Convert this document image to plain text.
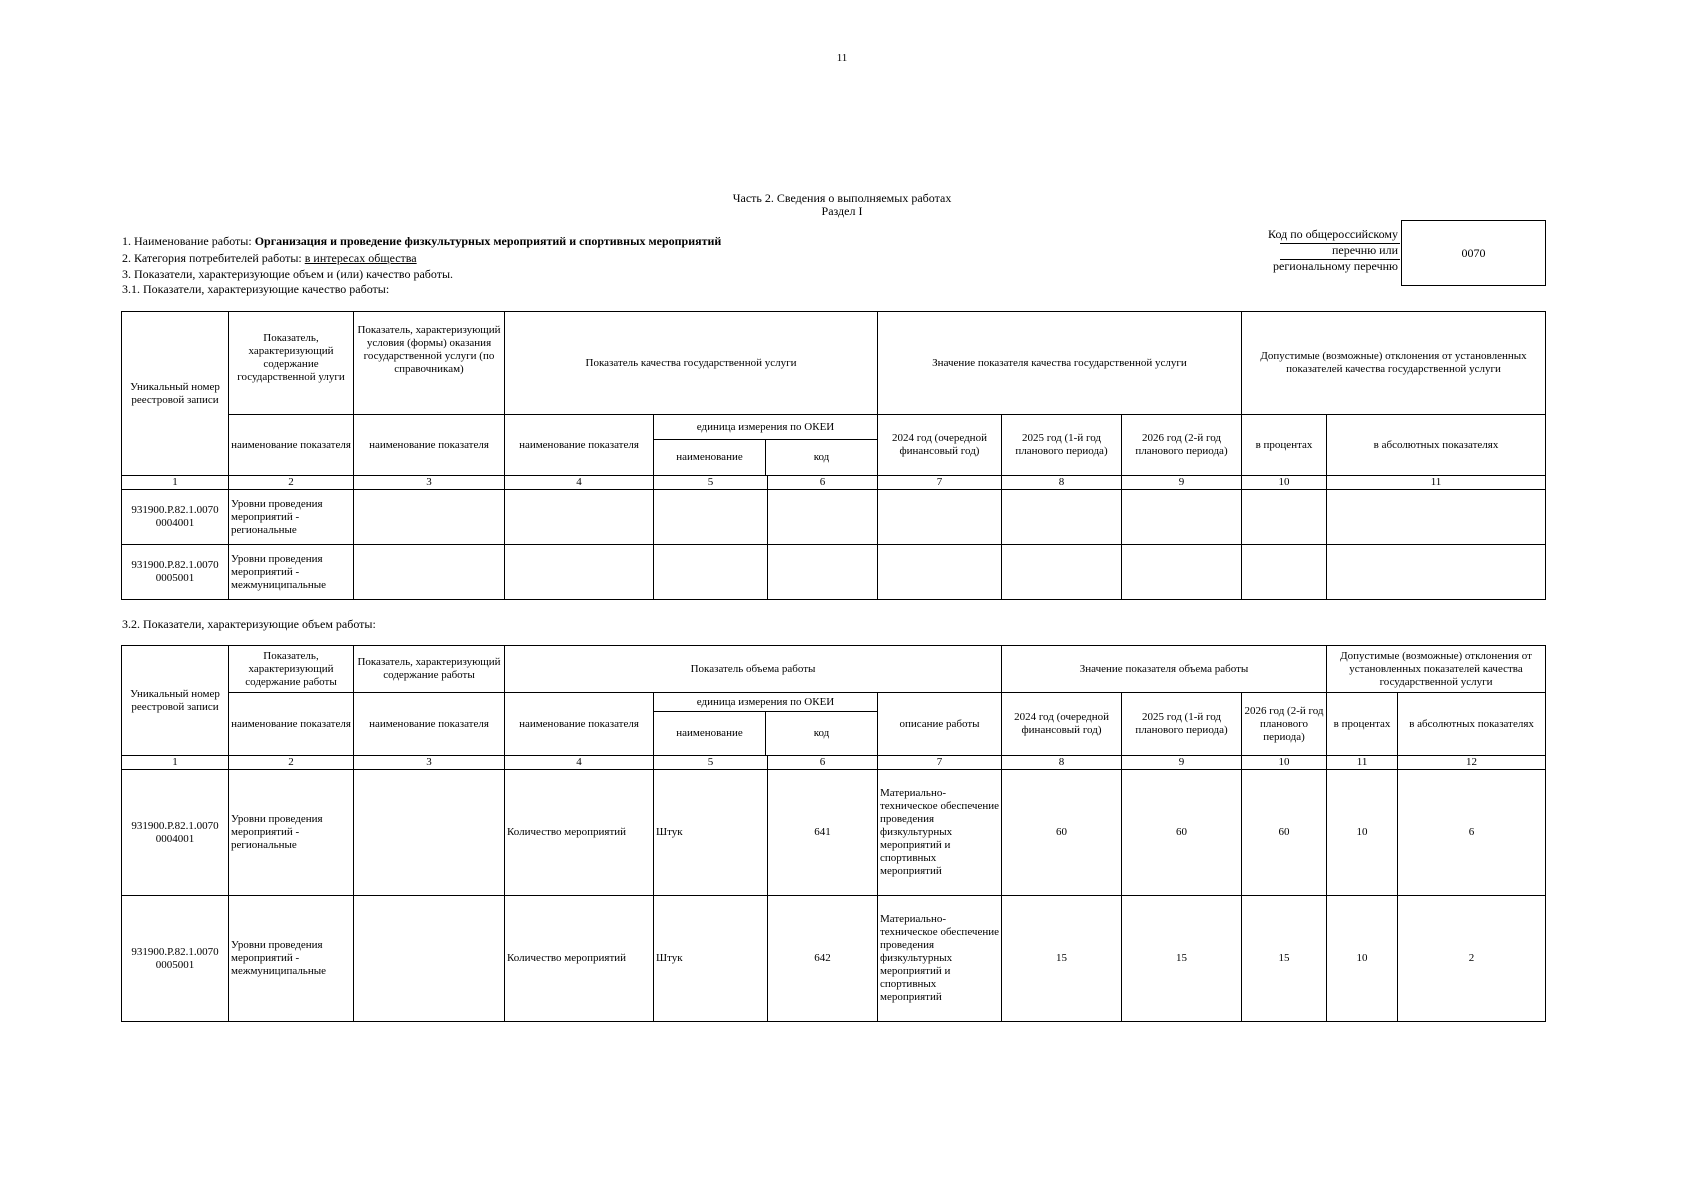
11
Часть 2. Сведения о выполняемых работах
Раздел I
1. Наименование работы: Организация и проведение физкультурных мероприятий и спортивных мероприятий
2. Категория потребителей работы: в интересах общества
3. Показатели, характеризующие объем и (или) качество работы.
3.1. Показатели, характеризующие качество работы:
Код по общероссийскому
перечню или
региональному перечню
0070
Уникальный номер реестровой записи	Показатель, характеризующий содержание государственной улуги	Показатель, характеризующий условия (формы) оказания государственной услуги (по справочникам)	Показатель качества государственной услуги	Значение показателя качества государственной услуги	Допустимые (возможные) отклонения от установленных показателей качества государственной услуги
наименование показателя	наименование показателя	наименование показателя	
единица измерения по ОКЕИ
наименование	код
	2024 год (очередной финансовый год)	2025 год (1-й год планового периода)	2026 год (2-й год планового периода)	в процентах	в абсолютных показателях
1	2	3	4	5	6	7	8	9	10	11
931900.Р.82.1.0070 0004001	Уровни проведения мероприятий - региональные									
931900.Р.82.1.0070 0005001	Уровни проведения мероприятий - межмуниципальные									
3.2. Показатели, характеризующие объем работы:
Уникальный номер реестровой записи	Показатель, характеризующий содержание работы	Показатель, характеризующий содержание работы	Показатель объема работы	Значение показателя объема работы	Допустимые (возможные) отклонения от установленных показателей качества государственной услуги
наименование показателя	наименование показателя	наименование показателя	
единица измерения по ОКЕИ
наименование	код
	описание работы	2024 год (очередной финансовый год)	2025 год (1-й год планового периода)	2026 год (2-й год планового периода)	в процентах	в абсолютных показателях
1	2	3	4	5	6	7	8	9	10	11	12
931900.Р.82.1.0070 0004001	Уровни проведения мероприятий - региональные		Количество мероприятий	Штук	641	Материально-техническое обеспечение проведения физкультурных мероприятий и спортивных мероприятий	60	60	60	10	6
931900.Р.82.1.0070 0005001	Уровни проведения мероприятий - межмуниципальные		Количество мероприятий	Штук	642	Материально-техническое обеспечение проведения физкультурных мероприятий и спортивных мероприятий	15	15	15	10	2
